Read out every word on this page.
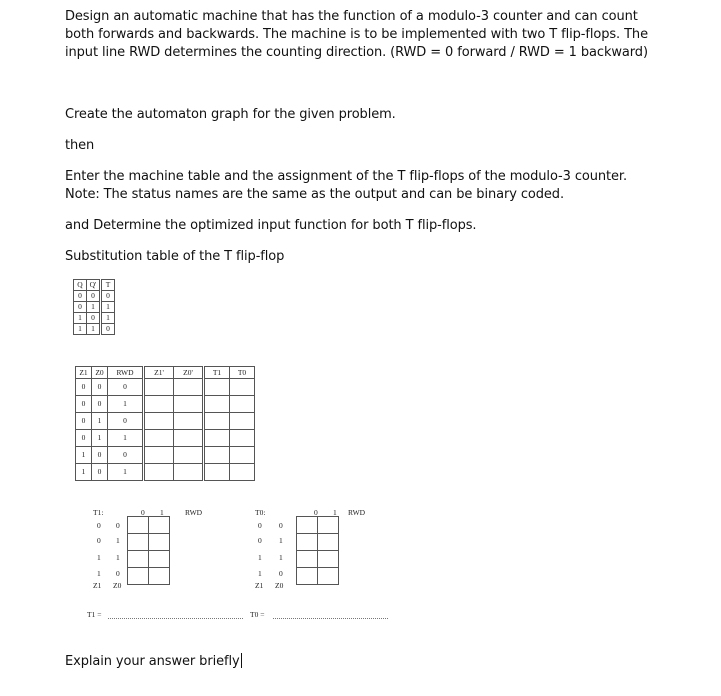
Design an automatic machine that has the function of a modulo-3 counter and can count

both forwards and backwards. The machine is to be implemented with two T flip-flops. The

input line RWD determines the counting direction. (RWD = 0 forward / RWD = 1 backward)

Create the automaton graph for the given problem.

then

Enter the machine table and the assignment of the T flip-flops of the modulo-3 counter.

Note: The status names are the same as the output and can be binary coded.

and Determine the optimized input function for both T flip-flops.

Substitution table of the T flip-flop

Q	Q'	T
0	0	0
0	1	1
1	0	1
1	1	0
Z1	Z0	RWD	Z1'	Z0'	T1	T0
0	0	0				
0	0	1				
0	1	0				
0	1	1				
1	0	0				
1	0	1				
T1:	0 1	RWD
0 0
0 1
1 1
1 0
Z1 Z0

T1 =
T0:	0 1 RWD
0 0
0 1
1 1
1 0
Z1 Z0

T0 =

Explain your answer briefly
